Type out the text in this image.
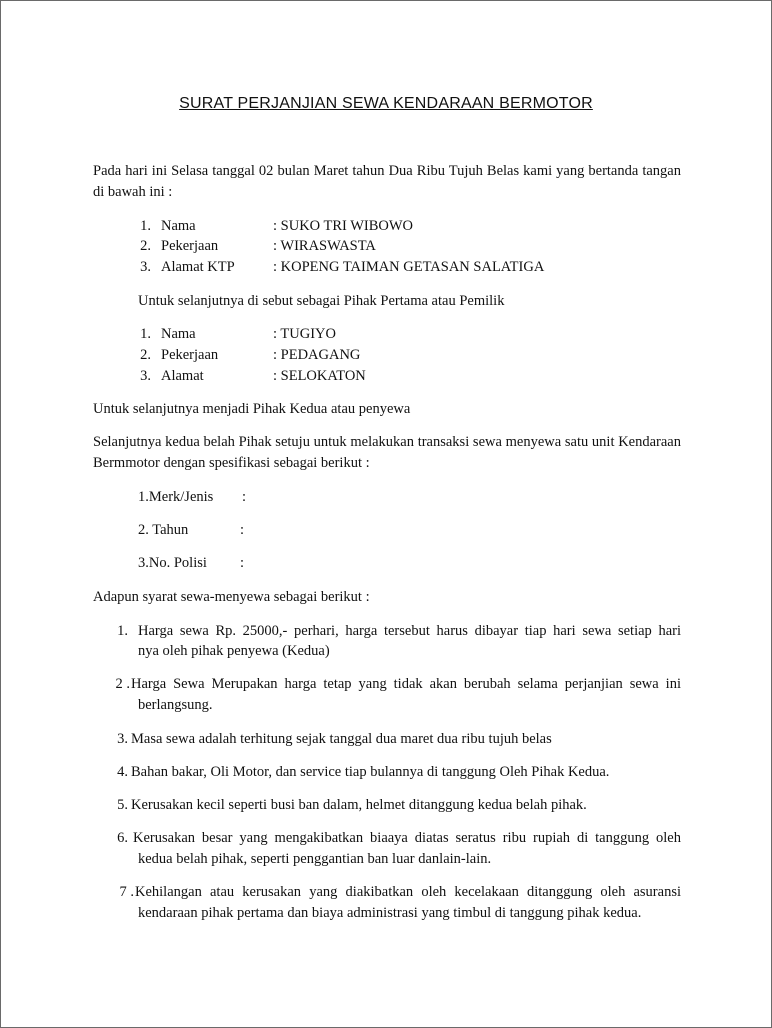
SURAT PERJANJIAN SEWA KENDARAAN BERMOTOR

Pada hari ini Selasa tanggal 02 bulan Maret tahun Dua Ribu Tujuh Belas kami yang bertanda tangan di bawah ini :

1. Nama	: SUKO TRI WIBOWO
2. Pekerjaan	: WIRASWASTA
3. Alamat KTP	: KOPENG TAIMAN GETASAN SALATIGA
Untuk selanjutnya di sebut sebagai Pihak Pertama atau Pemilik
1. Nama	: TUGIYO
2. Pekerjaan	: PEDAGANG
3. Alamat	: SELOKATON
Untuk selanjutnya menjadi Pihak Kedua atau penyewa

Selanjutnya kedua belah Pihak setuju untuk melakukan transaksi sewa menyewa satu unit Kendaraan Bermmotor dengan spesifikasi sebagai berikut :

1.Merk/Jenis :
2. Tahun	:
3.No. Polisi :
Adapun syarat sewa-menyewa sebagai berikut :
1. Harga sewa Rp. 25000,- perhari, harga tersebut harus dibayar tiap hari sewa setiap hari
nya oleh pihak penyewa (Kedua)
2 . Harga Sewa Merupakan harga tetap yang tidak akan berubah selama perjanjian sewa ini
berlangsung.
3. Masa sewa adalah terhitung sejak tanggal dua maret dua ribu tujuh belas
4. Bahan bakar, Oli Motor, dan service tiap bulannya di tanggung Oleh Pihak Kedua.
5. Kerusakan kecil seperti busi ban dalam, helmet ditanggung kedua belah pihak.
6. Kerusakan besar yang mengakibatkan biaaya diatas seratus ribu rupiah di tanggung oleh
kedua belah pihak, seperti penggantian ban luar danlain-lain.
7 . Kehilangan atau kerusakan yang diakibatkan oleh kecelakaan ditanggung oleh asuransi
kendaraan pihak pertama dan biaya administrasi yang timbul di tanggung pihak kedua.
